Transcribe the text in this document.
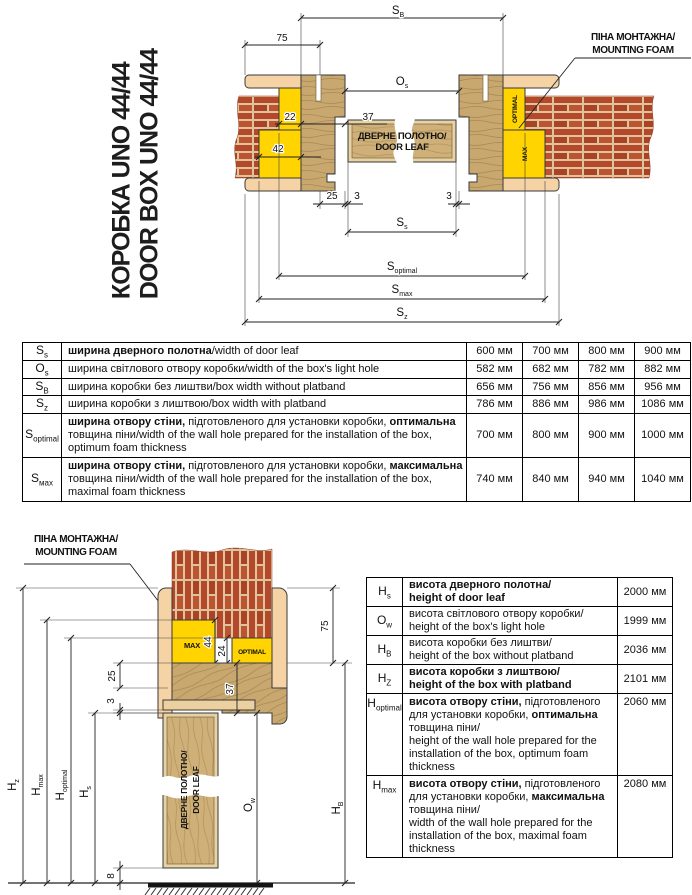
КОРОБКА UNO 44/44 DOOR BOX UNO 44/44	OPTIMAL
MAX
ДВЕРНЕ ПОЛОТНО/
DOOR LEAF
ПІНА МОНТАЖНА/
MOUNTING FOAM
$S_B$
75
$O_s$
22	37
42
25 3	3
$S_s$
$S_{optimal}$
$S_{max}$
$S_z$
$S_s$	ширина дверного полотна/width of door leaf	600 мм	700 мм	800 мм	900 мм
$O_s$	ширина світлового отвору коробки/width of the box's light hole	582 мм	682 мм	782 мм	882 мм
$S_B$	ширина коробки без лиштви/box width without platband	656 мм	756 мм	856 мм	956 мм
$S_z$	ширина коробки з лиштвою/box width with platband	786 мм	886 мм	986 мм	1086 мм
$S_{optimal}$	ширина отвору стіни, підготовленого для установки коробки, оптимальна товщина піни/width of the wall hole prepared for the installation of the box, optimum foam thickness	700 мм	800 мм	900 мм	1000 мм
$S_{мах}$	ширина отвору стіни, підготовленого для установки коробки, максимальна товщина піни/width of the wall hole prepared for the installation of the box, maximal foam thickness	740 мм	840 мм	940 мм	1040 мм
ПІНА МОНТАЖНА/
MOUNTING FOAM
MAX
OPTIMAL
44
24
37
ДВЕРНЕ ПОЛОТНО/ DOOR LEAF
$H_z$
$H_{max}$
$H_{optimal}$
$H_s$
25
3
8
$O_w$
75
$H_B$
$H_s$	висота дверного полотна/
height of door leaf	2000 мм
$O_w$	висота світлового отвору коробки/
height of the box's light hole	1999 мм
$H_B$	висота коробки без лиштви/
height of the box without platband	2036 мм
$H_Z$	висота коробки з лиштвою/
height of the box with platband	2101 мм
$H_{optimal}$	висота отвору стіни, підготовленого для установки коробки, оптимальна товщина піни/
height of the wall hole prepared for the installation of the box, optimum foam thickness	2060 мм
$H_{max}$	висота отвору стіни, підготовленого для установки коробки, максимальна товщина піни/
width of the wall hole prepared for the installation of the box, maximal foam thickness	2080 мм
